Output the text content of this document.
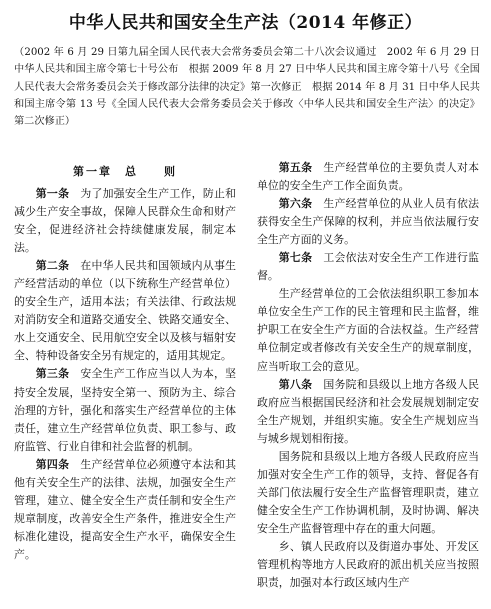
中华人民共和国安全生产法（2014 年修正）
（2002 年 6 月 29 日第九届全国人民代表大会常务委员会第二十八次会议通过　2002 年 6 月 29 日中华人民共和国主席令第七十号公布　根据 2009 年 8 月 27 日中华人民共和国主席令第十八号《全国人民代表大会常务委员会关于修改部分法律的决定》第一次修正　根据 2014 年 8 月 31 日中华人民共和国主席令第 13 号《全国人民代表大会常务委员会关于修改〈中华人民共和国安全生产法〉的决定》第二次修正）
第一章　总　　则

第一条　为了加强安全生产工作，防止和减少生产安全事故，保障人民群众生命和财产安全，促进经济社会持续健康发展，制定本法。

第二条　在中华人民共和国领域内从事生产经营活动的单位（以下统称生产经营单位）的安全生产，适用本法；有关法律、行政法规对消防安全和道路交通安全、铁路交通安全、水上交通安全、民用航空安全以及核与辐射安全、特种设备安全另有规定的，适用其规定。

第三条　安全生产工作应当以人为本，坚持安全发展，坚持安全第一、预防为主、综合治理的方针，强化和落实生产经营单位的主体责任，建立生产经营单位负责、职工参与、政府监管、行业自律和社会监督的机制。

第四条　生产经营单位必须遵守本法和其他有关安全生产的法律、法规，加强安全生产管理，建立、健全安全生产责任制和安全生产规章制度，改善安全生产条件，推进安全生产标准化建设，提高安全生产水平，确保安全生产。

第五条　生产经营单位的主要负责人对本单位的安全生产工作全面负责。

第六条　生产经营单位的从业人员有依法获得安全生产保障的权利，并应当依法履行安全生产方面的义务。

第七条　工会依法对安全生产工作进行监督。

生产经营单位的工会依法组织职工参加本单位安全生产工作的民主管理和民主监督，维护职工在安全生产方面的合法权益。生产经营单位制定或者修改有关安全生产的规章制度，应当听取工会的意见。

第八条　国务院和县级以上地方各级人民政府应当根据国民经济和社会发展规划制定安全生产规划，并组织实施。安全生产规划应当与城乡规划相衔接。

国务院和县级以上地方各级人民政府应当加强对安全生产工作的领导，支持、督促各有关部门依法履行安全生产监督管理职责，建立健全安全生产工作协调机制，及时协调、解决安全生产监督管理中存在的重大问题。

乡、镇人民政府以及街道办事处、开发区管理机构等地方人民政府的派出机关应当按照职责，加强对本行政区域内生产
